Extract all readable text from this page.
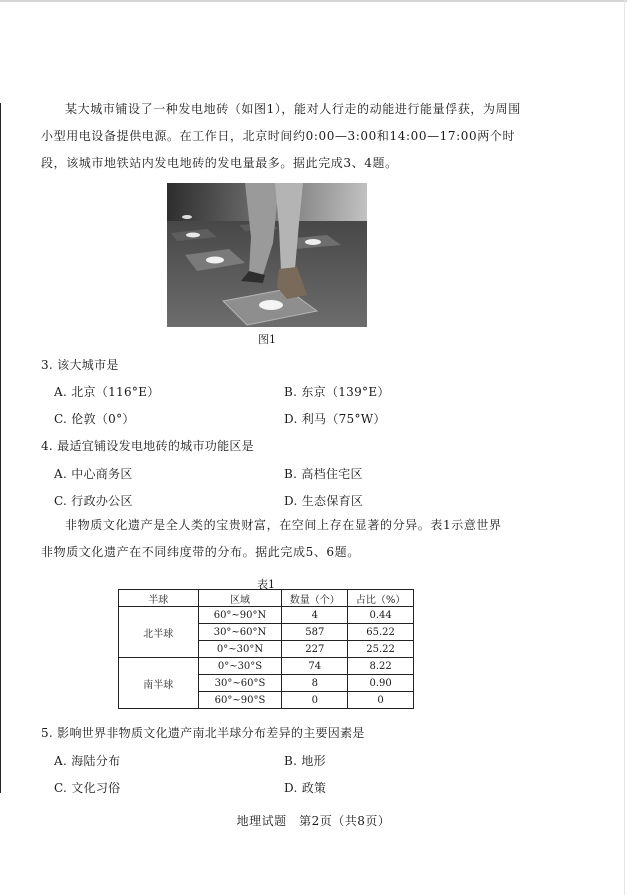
某大城市铺设了一种发电地砖（如图1），能对人行走的动能进行能量俘获，为周围

小型用电设备提供电源。在工作日，北京时间约0:00—3:00和14:00—17:00两个时

段，该城市地铁站内发电地砖的发电量最多。据此完成3、4题。

图1
3. 该大城市是
A. 北京（116°E）	B. 东京（139°E）
C. 伦敦（0°）	D. 利马（75°W）
4. 最适宜铺设发电地砖的城市功能区是
A. 中心商务区	B. 高档住宅区
C. 行政办公区	D. 生态保育区

非物质文化遗产是全人类的宝贵财富，在空间上存在显著的分异。表1示意世界

非物质文化遗产在不同纬度带的分布。据此完成5、6题。

表1
半球	区域	数量（个）	占比（%）
北半球	60°~90°N	4	0.44
	30°~60°N	587	65.22
	0°~30°N	227	25.22
南半球	0°~30°S	74	8.22
	30°~60°S	8	0.90
	60°~90°S	0	0
5. 影响世界非物质文化遗产南北半球分布差异的主要因素是
A. 海陆分布	B. 地形
C. 文化习俗	D. 政策
地理试题　第2页（共8页）
